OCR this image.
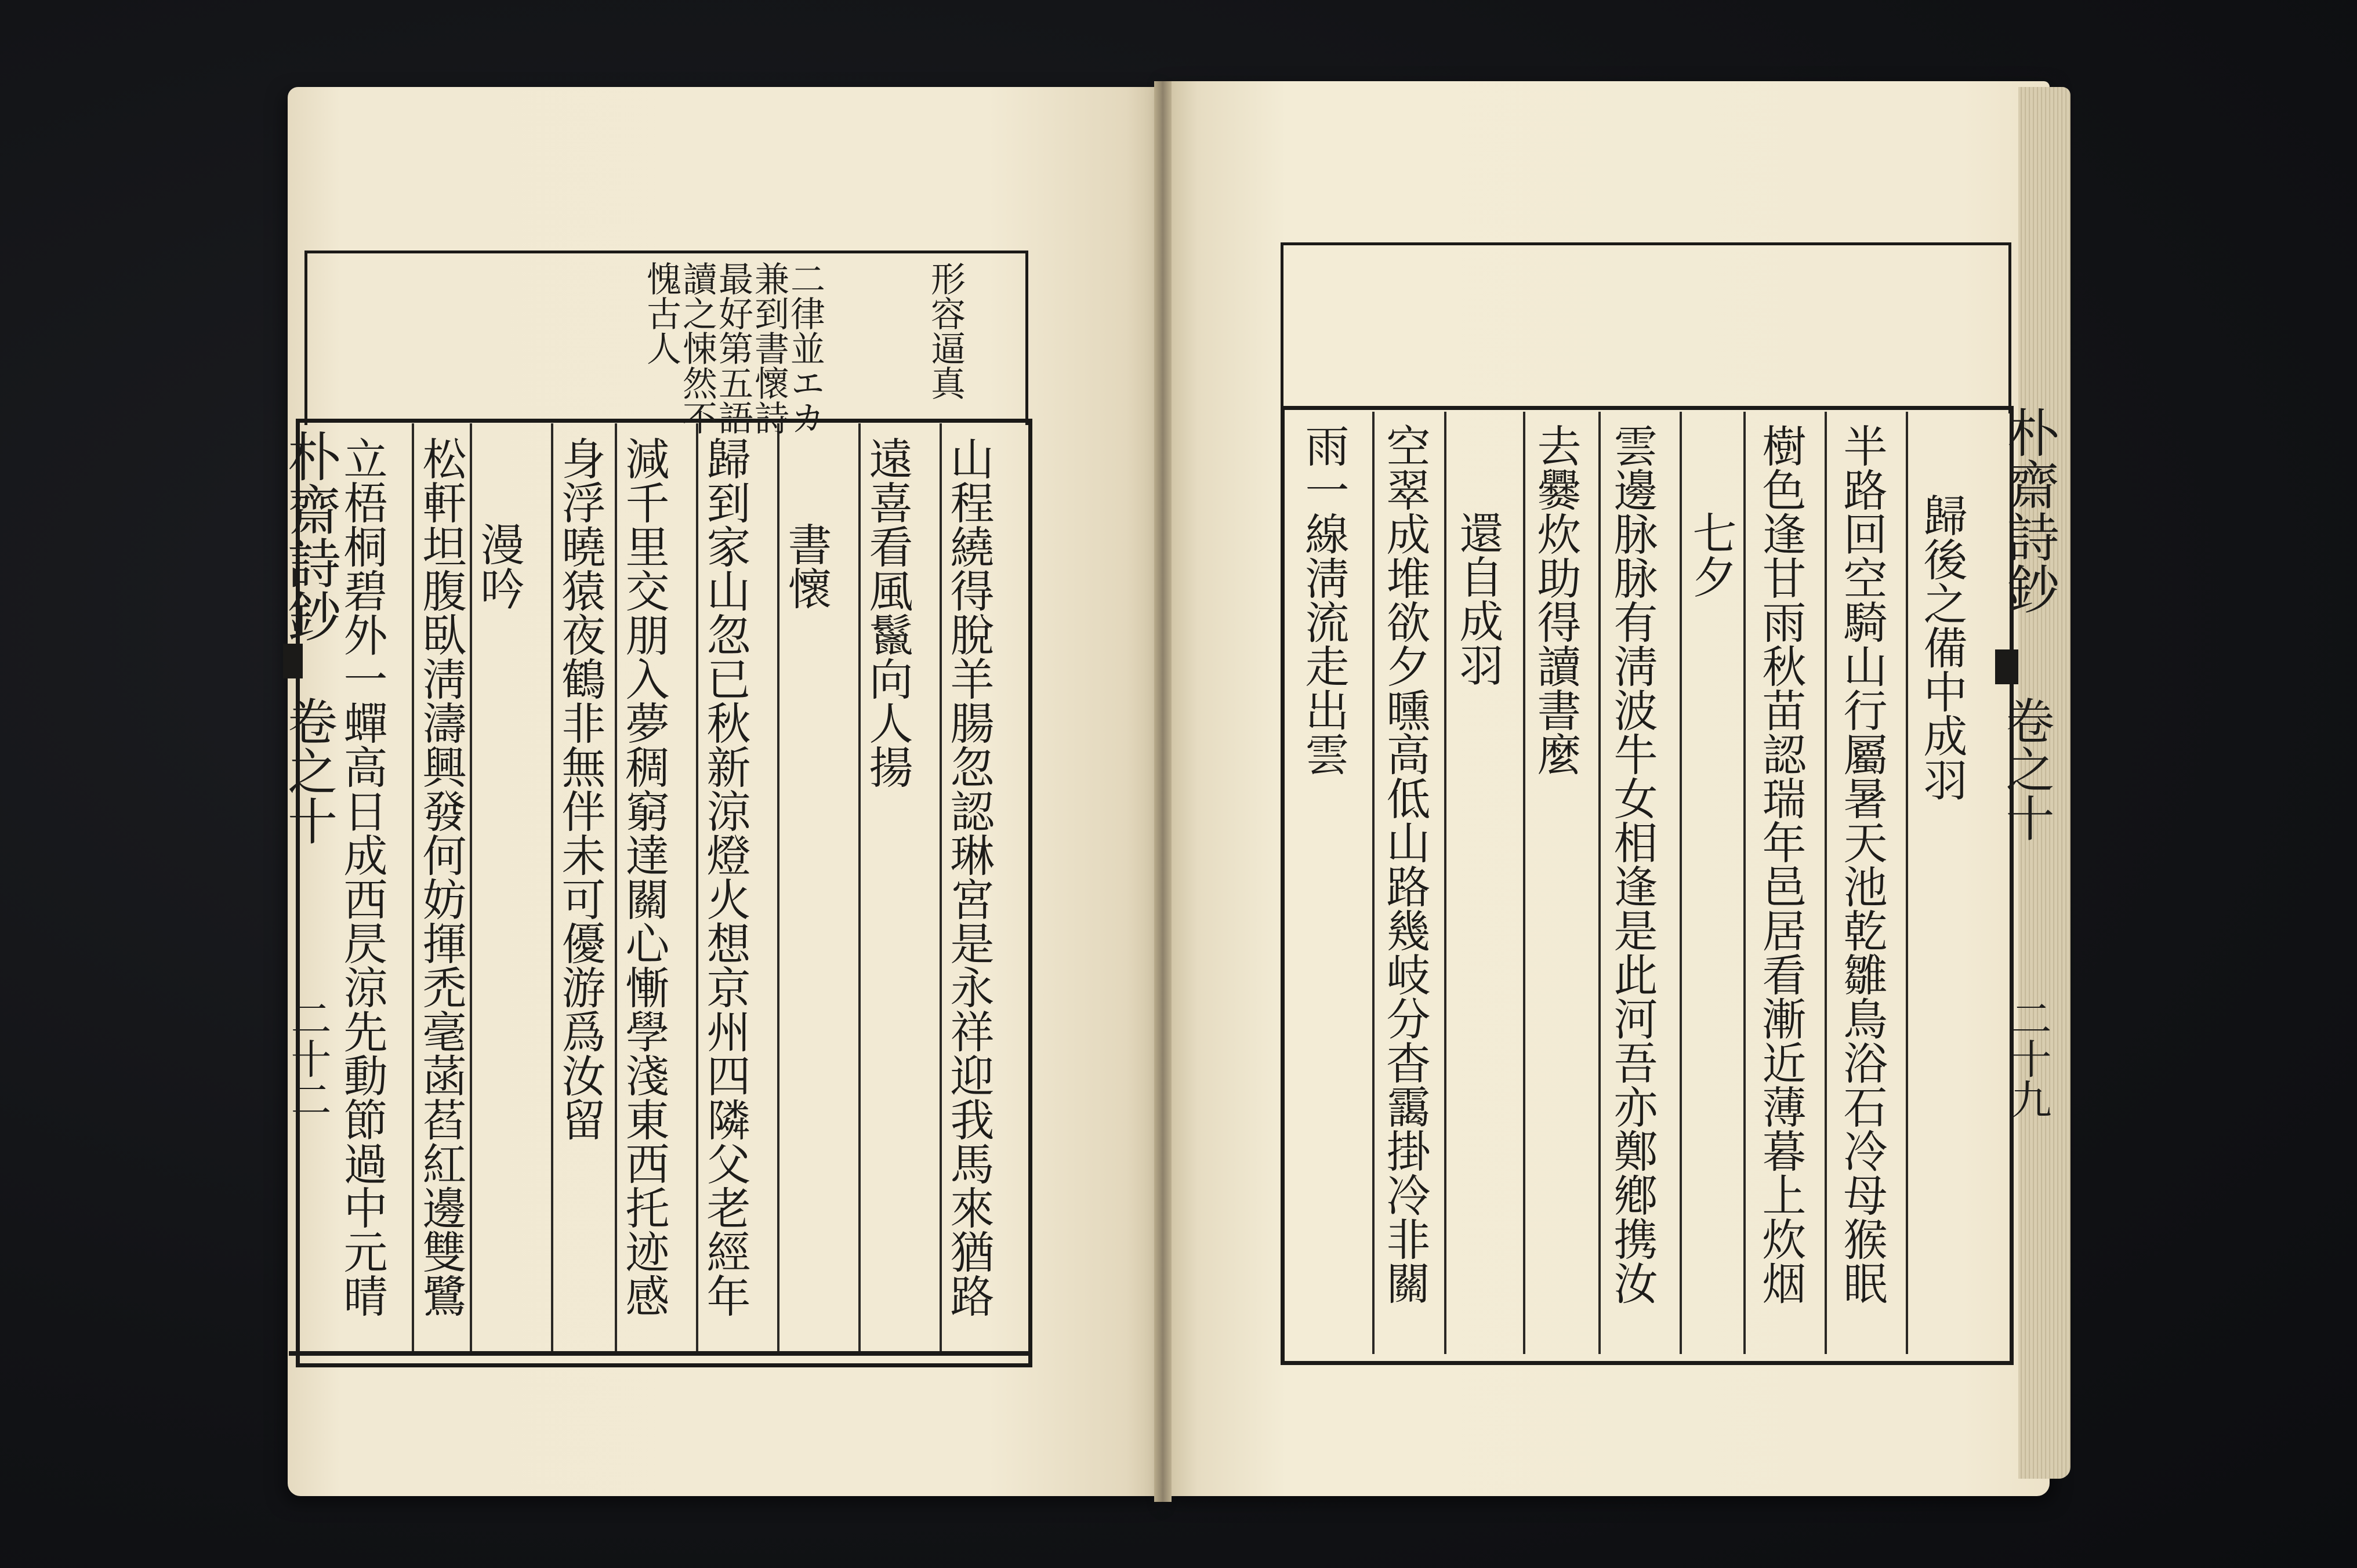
形容逼真
二律並エカ
兼到書懷詩
最好第五語
讀之悚然不
愧古人
山程繞得脫羊腸忽認琳宮是永祥迎我馬來猶路
遠喜看風鬣向人揚
書懷
歸到家山忽已秋新涼燈火想京州四隣父老經年
減千里交朋入夢稠窮達關心慚學淺東西托迹感
身浮曉猿夜鶴非無伴未可優游爲汝留
漫吟
松軒坦腹臥淸濤興發何妨揮禿毫菡萏紅邊雙鷺
立梧桐碧外一蟬高日成西昃涼先動節過中元晴
朴齋詩鈔
卷之十
二十二
歸後之備中成羽
半路回空騎山行屬暑天池乾雛鳥浴石冷母猴眠
樹色逢甘雨秋苗認瑞年邑居看漸近薄暮上炊烟
七夕
雲邊脉脉有淸波牛女相逢是此河吾亦鄭鄕携汝
去爨炊助得讀書麼
還自成羽
空翠成堆欲夕曛高低山路幾岐分杳靄掛冷非關
雨一線淸流走出雲	朴齋詩鈔
卷之十
二十九
